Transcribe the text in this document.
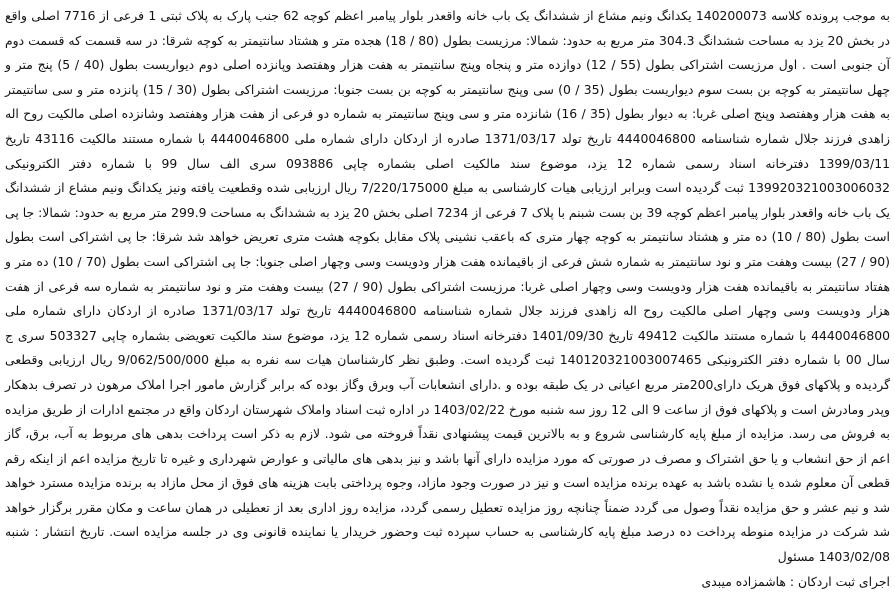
به موجب پرونده کلاسه 140200073 یکدانگ ونیم مشاع از ششدانگ یک باب خانه واقعدر بلوار پیامبر اعظم کوچه 62 جنب پارک به پلاک ثبتی 1 فرعی از 7716 اصلی واقع در بخش 20 یزد به مساحت ششدانگ 304.3 متر مربع به حدود: شمالا: مرزیست بطول (80 / 18) هجده متر و هشتاد سانتیمتر به کوچه شرقا: در سه قسمت که قسمت دوم آن جنوبی است . اول مرزیست اشتراکی بطول (55 / 12) دوازده متر و پنجاه وپنج سانتیمتر به هفت هزار وهفتصد وپانزده اصلی دوم دیواریست بطول (40 / 5) پنج متر و چهل سانتیمتر به کوچه بن بست سوم دیواریست بطول (35 / 0) سی وپنج سانتیمتر به کوچه بن بست جنوبا: مرزیست اشتراکی بطول (30 / 15) پانزده متر و سی سانتیمتر به هفت هزار وهفتصد وپنج اصلی غربا: به دیوار بطول (35 / 16) شانزده متر و سی وپنج سانتیمتر به شماره دو فرعی از هفت هزار وهفتصد وشانزده اصلی مالکیت روح اله زاهدی فرزند جلال شماره شناسنامه 4440046800 تاریخ تولد 1371/03/17 صادره از اردکان دارای شماره ملی 4440046800 با شماره مستند مالکیت 43116 تاریخ 1399/03/11 دفترخانه اسناد رسمی شماره 12 یزد، موضوع سند مالکیت اصلی بشماره چاپی 093886 سری الف سال 99 با شماره دفتر الکترونیکی 139920321003006032 ثبت گردیده است وبرابر ارزیابی هیات کارشناسی به مبلغ 7/220/175000 ریال ارزیابی شده وقطعیت یافته ونیز یکدانگ ونیم مشاع از ششدانگ یک باب خانه واقعدر بلوار پیامبر اعظم کوچه 39 بن بست شبنم با پلاک 7 فرعی از 7234 اصلی بخش 20 یزد به ششدانگ به مساحت 299.9 متر مربع به حدود: شمالا: جا پی است بطول (80 / 10) ده متر و هشتاد سانتیمتر به کوچه چهار متری که باعقب نشینی پلاک مقابل بکوچه هشت متری تعریض خواهد شد شرقا: جا پی اشتراکی است بطول (90 / 27) بیست وهفت متر و نود سانتیمتر به شماره شش فرعی از باقیمانده هفت هزار ودویست وسی وچهار اصلی جنوبا: جا پی اشتراکی است بطول (70 / 10) ده متر و هفتاد سانتیمتر به باقیمانده هفت هزار ودویست وسی وچهار اصلی غربا: مرزیست اشتراکی بطول (90 / 27) بیست وهفت متر و نود سانتیمتر به شماره سه فرعی از هفت هزار ودویست وسی وچهار اصلی مالکیت روح اله زاهدی فرزند جلال شماره شناسنامه 4440046800 تاریخ تولد 1371/03/17 صادره از اردکان دارای شماره ملی 4440046800 با شماره مستند مالکیت 49412 تاریخ 1401/09/30 دفترخانه اسناد رسمی شماره 12 یزد، موضوع سند مالکیت تعویضی بشماره چاپی 503327 سری ج سال 00 با شماره دفتر الکترونیکی 140120321003007465 ثبت گردیده است. وطبق نظر کارشناسان هیات سه نفره به مبلغ 9/062/500/000 ریال ارزیابی وقطعی گردیده و پلاکهای فوق هریک دارای200متر مربع اعیانی در یک طبقه بوده و .دارای انشعابات آب وبرق وگاز بوده که برابر گزارش مامور اجرا املاک مرهون در تصرف بدهکار وپدر ومادرش است و پلاکهای فوق از ساعت 9 الی 12 روز سه شنبه مورخ 1403/02/22 در اداره ثبت اسناد واملاک شهرستان اردکان واقع در مجتمع ادارات از طریق مزایده به فروش می رسد. مزایده از مبلغ پایه کارشناسی شروع و به بالاترین قیمت پیشنهادی نقداً فروخته می شود. لازم به ذکر است پرداخت بدهی های مربوط به آب، برق، گاز اعم از حق انشعاب و یا حق اشتراک و مصرف در صورتی که مورد مزایده دارای آنها باشد و نیز بدهی های مالیاتی و عوارض شهرداری و غیره تا تاریخ مزایده اعم از اینکه رقم قطعی آن معلوم شده یا نشده باشد به عهده برنده مزایده است و نیز در صورت وجود مازاد، وجوه پرداختی بابت هزینه های فوق از محل مازاد به برنده مزایده مسترد خواهد شد و نیم عشر و حق مزایده نقداً وصول می گردد ضمناً چنانچه روز مزایده تعطیل رسمی گردد، مزایده روز اداری بعد از تعطیلی در همان ساعت و مکان مقرر برگزار خواهد شد شرکت در مزایده منوطه پرداخت ده درصد مبلغ پایه کارشناسی به حساب سپرده ثبت وحضور خریدار یا نماینده قانونی وی در جلسه مزایده است. تاریخ انتشار : شنبه 1403/02/08 مسئول

اجرای ثبت اردکان : هاشمزاده میبدی
